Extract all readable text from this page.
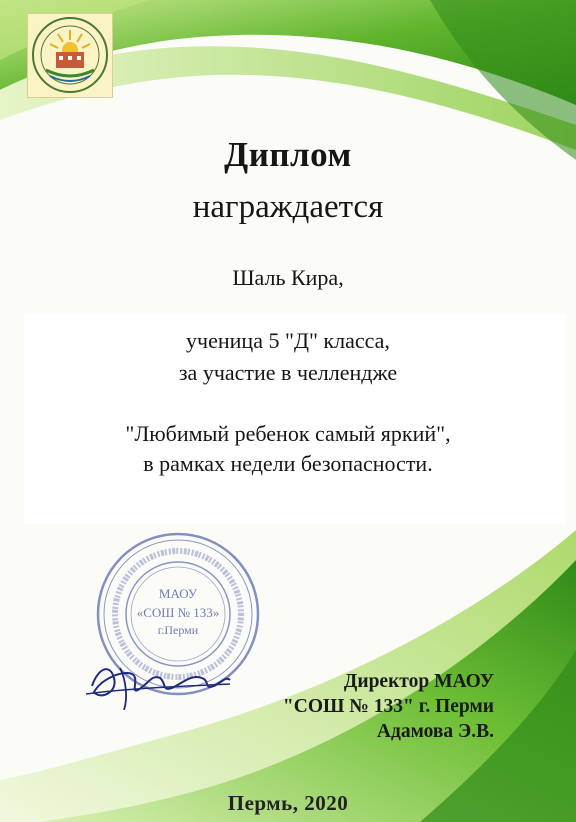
Диплом
награждается
Шаль Кира,
ученица 5 "Д" класса,
за участие в челлендже
"Любимый ребенок самый яркий",
в рамках недели безопасности.
МАОУ
«СОШ № 133»
г.Перми
Директор МАОУ
"СОШ № 133" г. Перми
Адамова Э.В.
Пермь, 2020
